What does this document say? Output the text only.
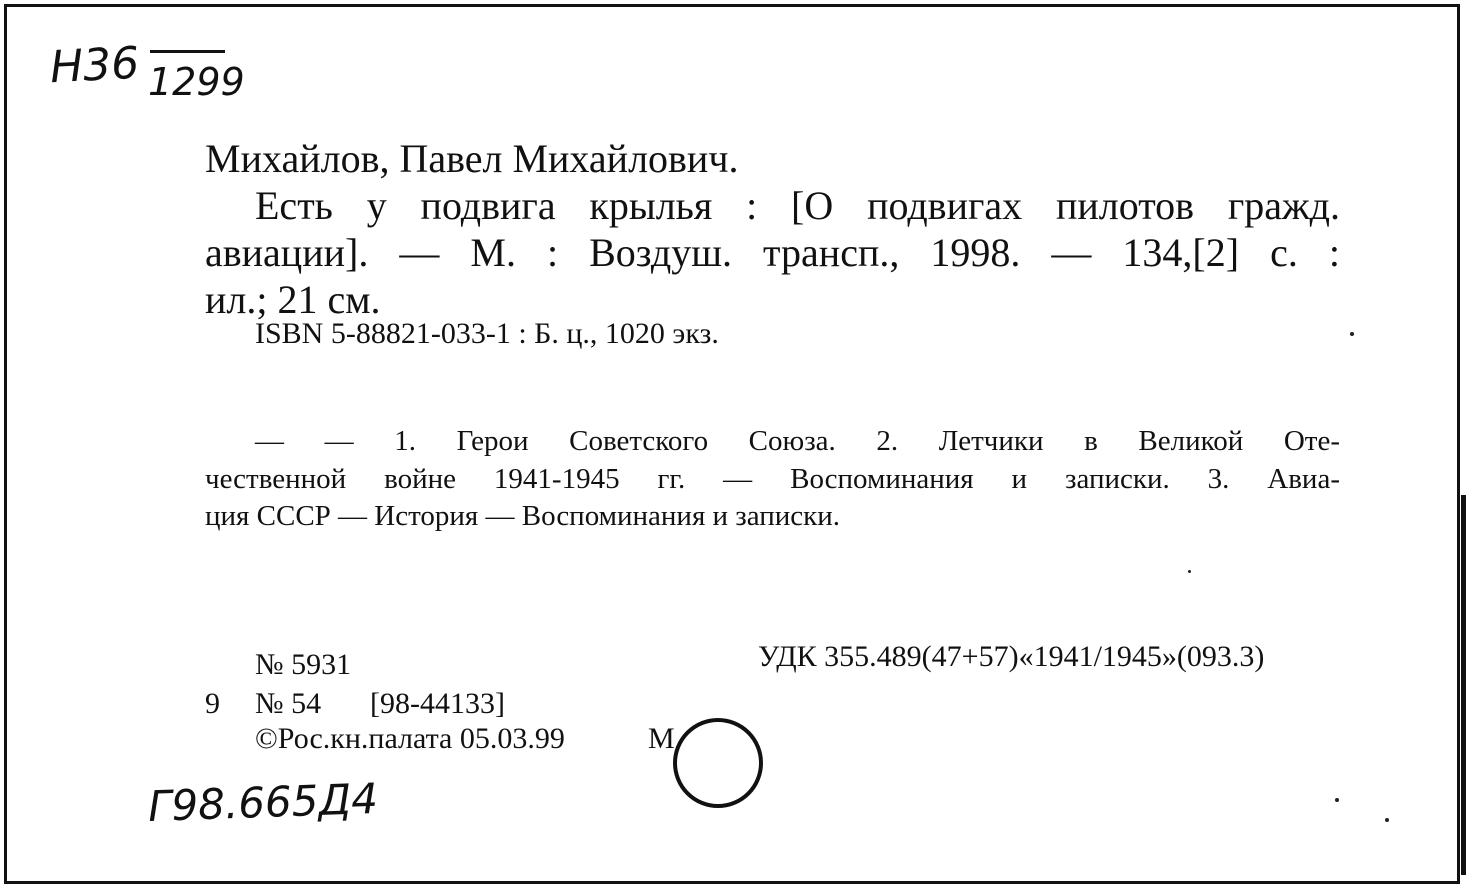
Н36 1299
Михайлов, Павел Михайлович.
Есть у подвига крылья : [О подвигах пилотов гражд.
авиации]. — М. : Воздуш. трансп., 1998. — 134,[2] с. :
ил.; 21 см.
ISBN 5-88821-033-1 : Б. ц., 1020 экз.
— — 1. Герои Советского Союза. 2. Летчики в Великой Оте-
чественной войне 1941-1945 гг. — Воспоминания и записки. 3. Авиа-
ция СССР — История — Воспоминания и записки.
№ 5931	УДК 355.489(47+57)«1941/1945»(093.3)
9 № 54 [98-44133]
©Рос.кн.палата 05.03.99	М
Г98.665Д4
